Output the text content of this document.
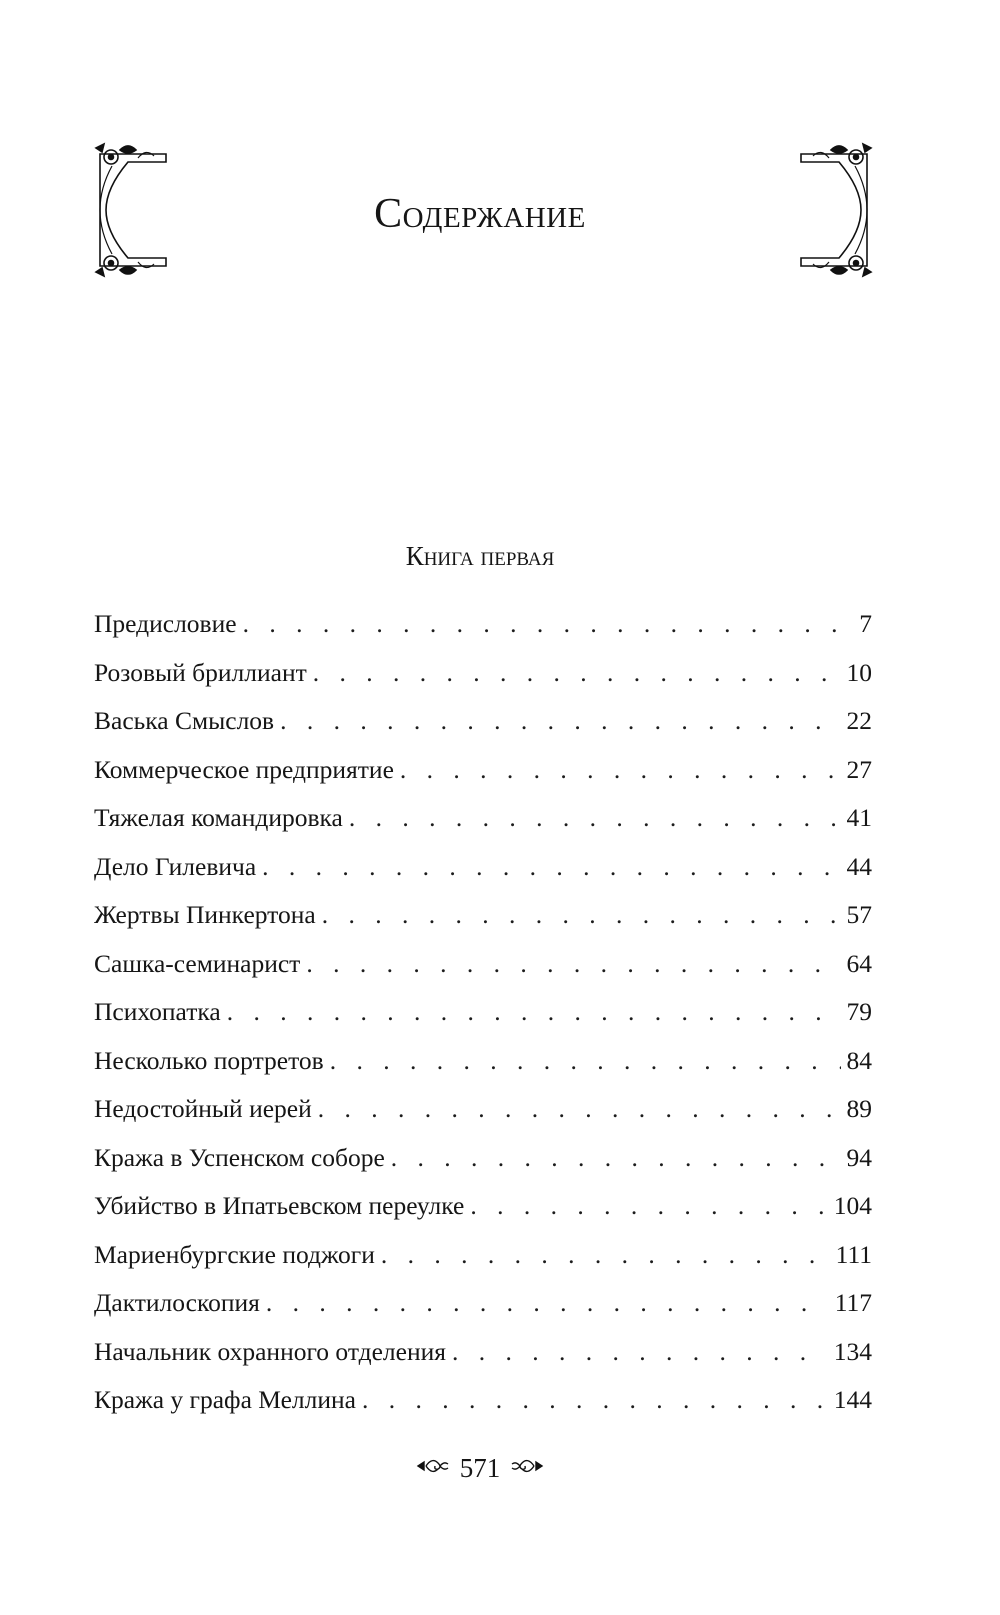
Содержание
Книга первая
Предисловие . . .	7
Розовый бриллиант . . .	10
Васька Смыслов . . .	22
Коммерческое предприятие . . .	27
Тяжелая командировка . . .	41
Дело Гилевича . . .	44
Жертвы Пинкертона . . .	57
Сашка-семинарист . . .	64
Психопатка . . .	79
Несколько портретов . . .	84
Недостойный иерей . . .	89
Кража в Успенском соборе . . .	94
Убийство в Ипатьевском переулке . . .	104
Мариенбургские поджоги . . .	111
Дактилоскопия . . .	117
Начальник охранного отделения . . .	134
Кража у графа Меллина . . .	144
571
